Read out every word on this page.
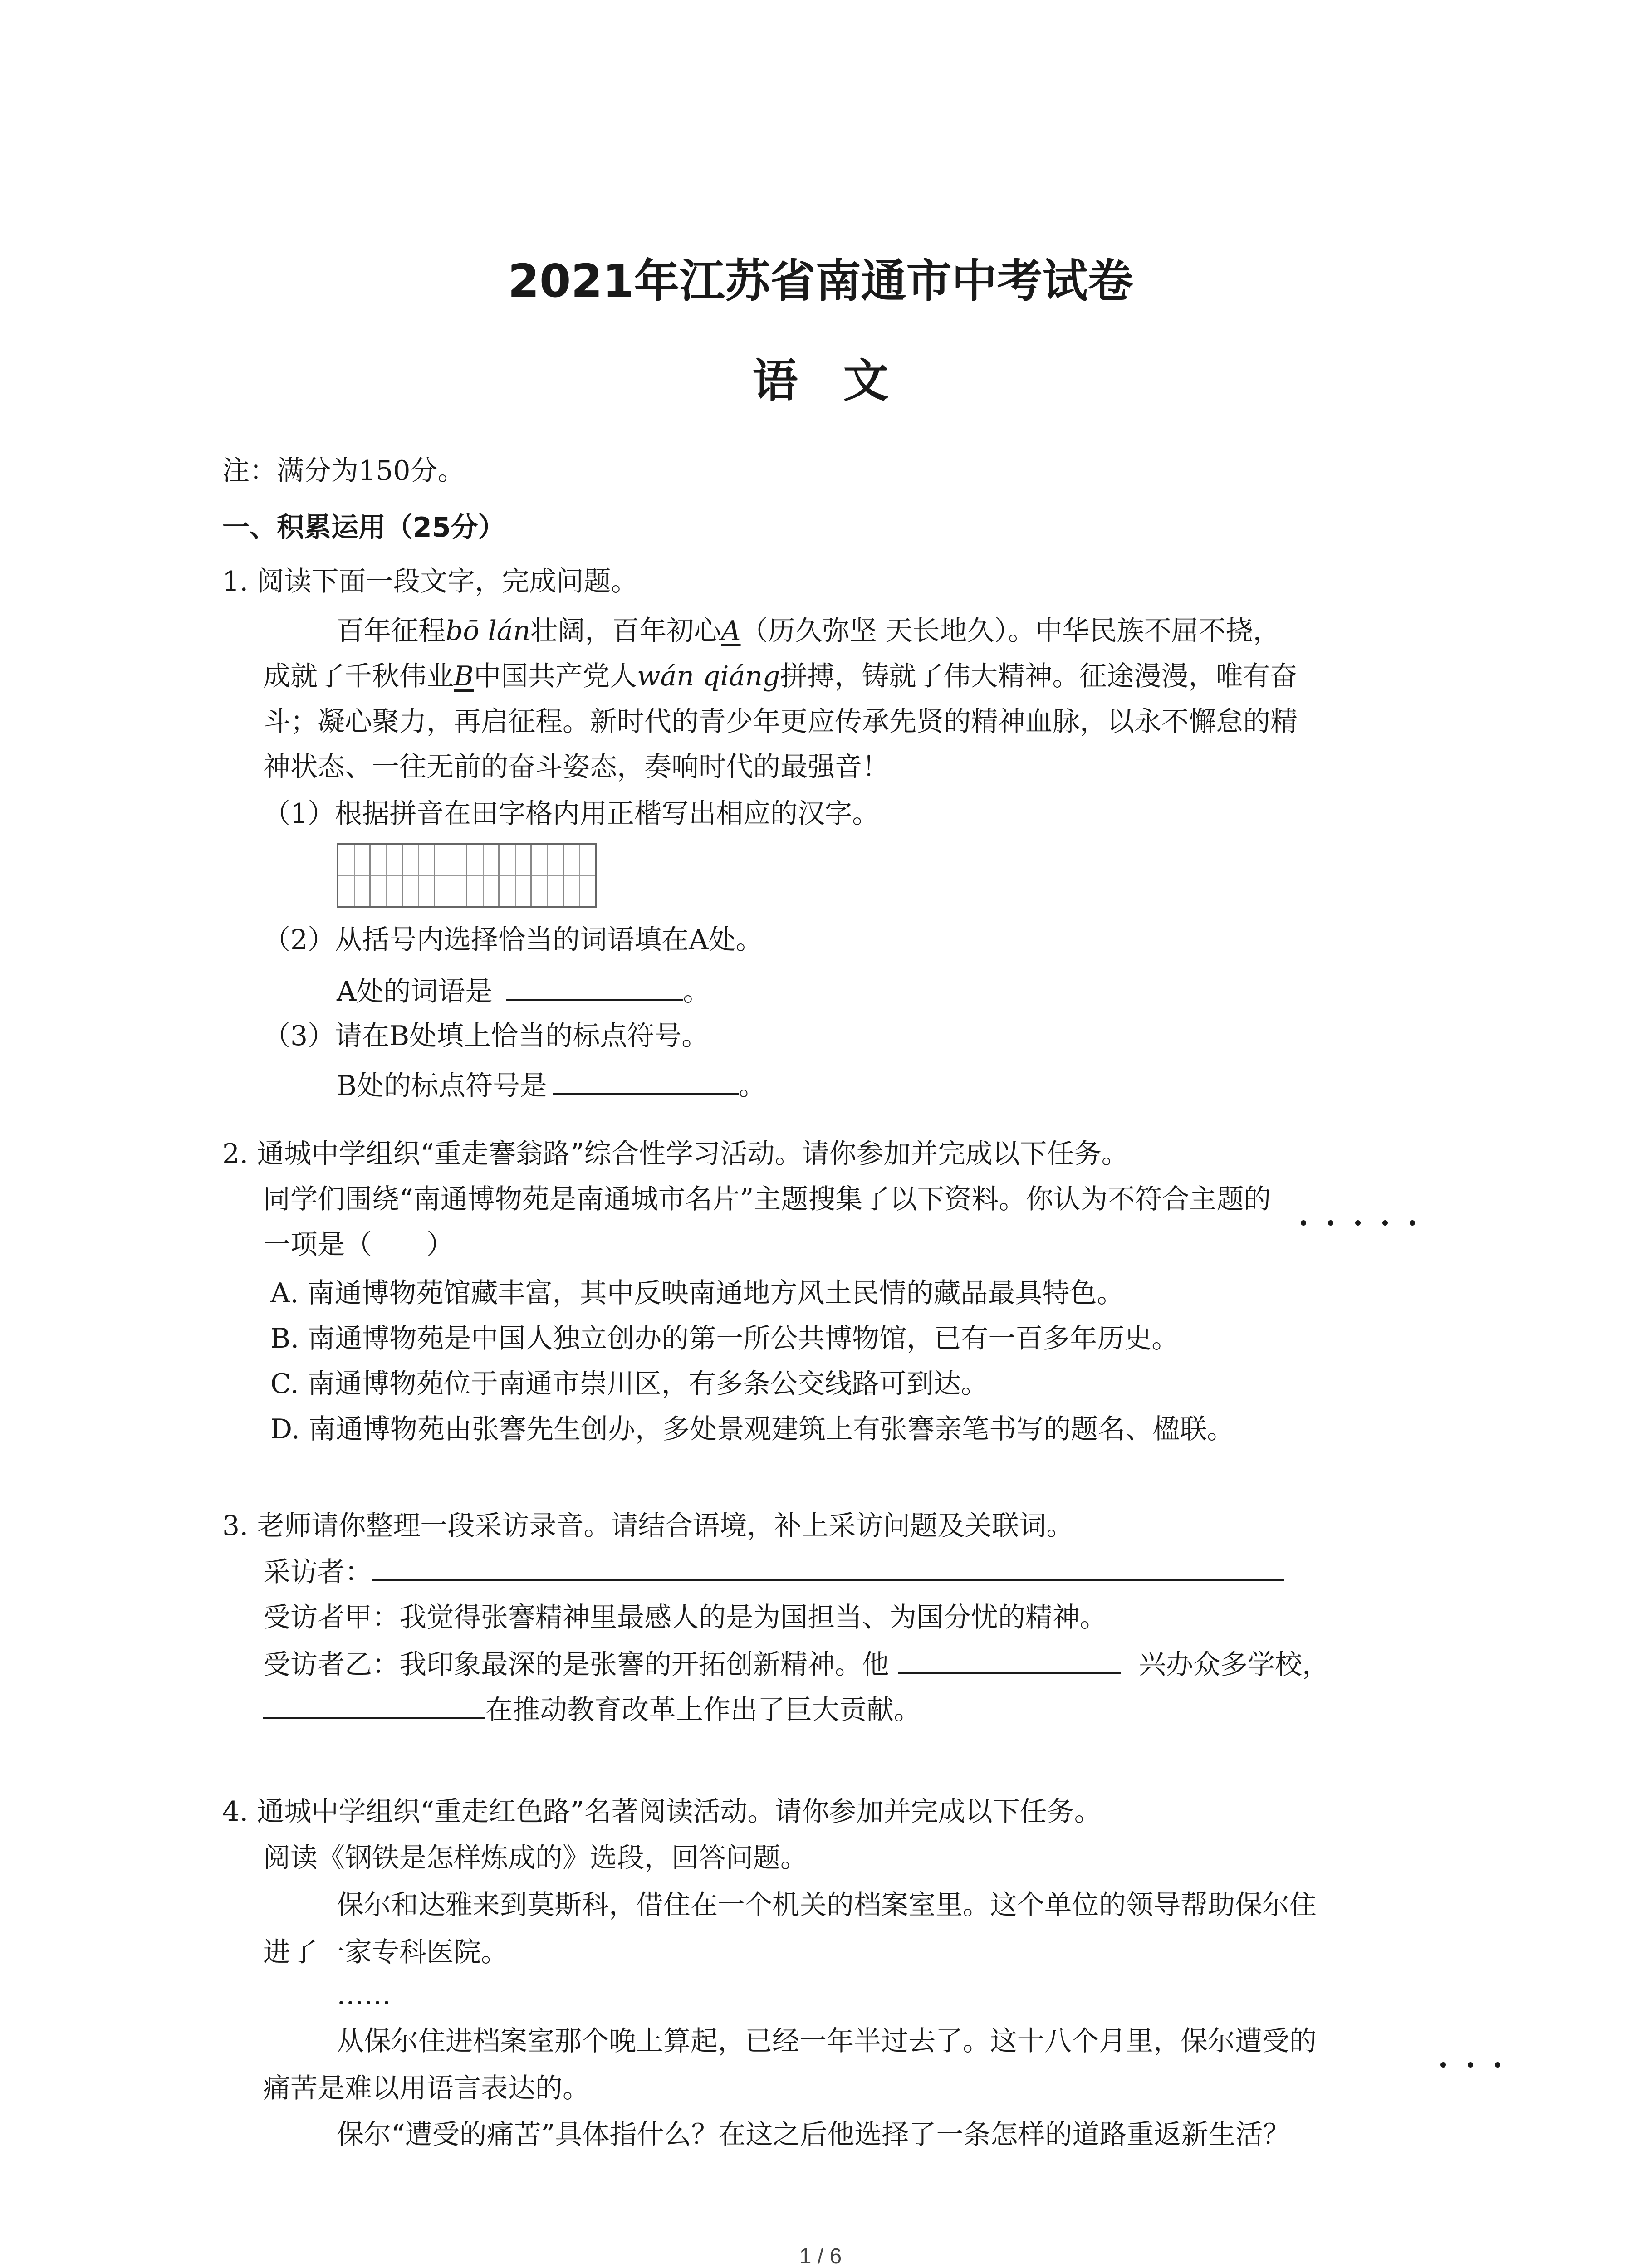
2021年江苏省南通市中考试卷
语　文
注：满分为150分。
一、积累运用（25分）
1. 阅读下面一段文字，完成问题。
百年征程bō lán壮阔，百年初心A（历久弥坚 天长地久）。中华民族不屈不挠，
成就了千秋伟业B中国共产党人wán qiáng拼搏，铸就了伟大精神。征途漫漫，唯有奋
斗；凝心聚力，再启征程。新时代的青少年更应传承先贤的精神血脉，以永不懈怠的精
神状态、一往无前的奋斗姿态，奏响时代的最强音！
（1）根据拼音在田字格内用正楷写出相应的汉字。
（2）从括号内选择恰当的词语填在A处。
A处的词语是	。
（3）请在B处填上恰当的标点符号。
B处的标点符号是	。
2. 通城中学组织“重走謇翁路”综合性学习活动。请你参加并完成以下任务。
同学们围绕“南通博物苑是南通城市名片”主题搜集了以下资料。你认为不符合主题的
一项是（　　）
A. 南通博物苑馆藏丰富，其中反映南通地方风土民情的藏品最具特色。
B. 南通博物苑是中国人独立创办的第一所公共博物馆，已有一百多年历史。
C. 南通博物苑位于南通市崇川区，有多条公交线路可到达。
D. 南通博物苑由张謇先生创办，多处景观建筑上有张謇亲笔书写的题名、楹联。
3. 老师请你整理一段采访录音。请结合语境，补上采访问题及关联词。
采访者：
受访者甲：我觉得张謇精神里最感人的是为国担当、为国分忧的精神。
受访者乙：我印象最深的是张謇的开拓创新精神。他	兴办众多学校，
在推动教育改革上作出了巨大贡献。
4. 通城中学组织“重走红色路”名著阅读活动。请你参加并完成以下任务。
阅读《钢铁是怎样炼成的》选段，回答问题。
保尔和达雅来到莫斯科，借住在一个机关的档案室里。这个单位的领导帮助保尔住
进了一家专科医院。
……
从保尔住进档案室那个晚上算起，已经一年半过去了。这十八个月里，保尔遭受的
痛苦是难以用语言表达的。
保尔“遭受的痛苦”具体指什么？在这之后他选择了一条怎样的道路重返新生活？
1 / 6
